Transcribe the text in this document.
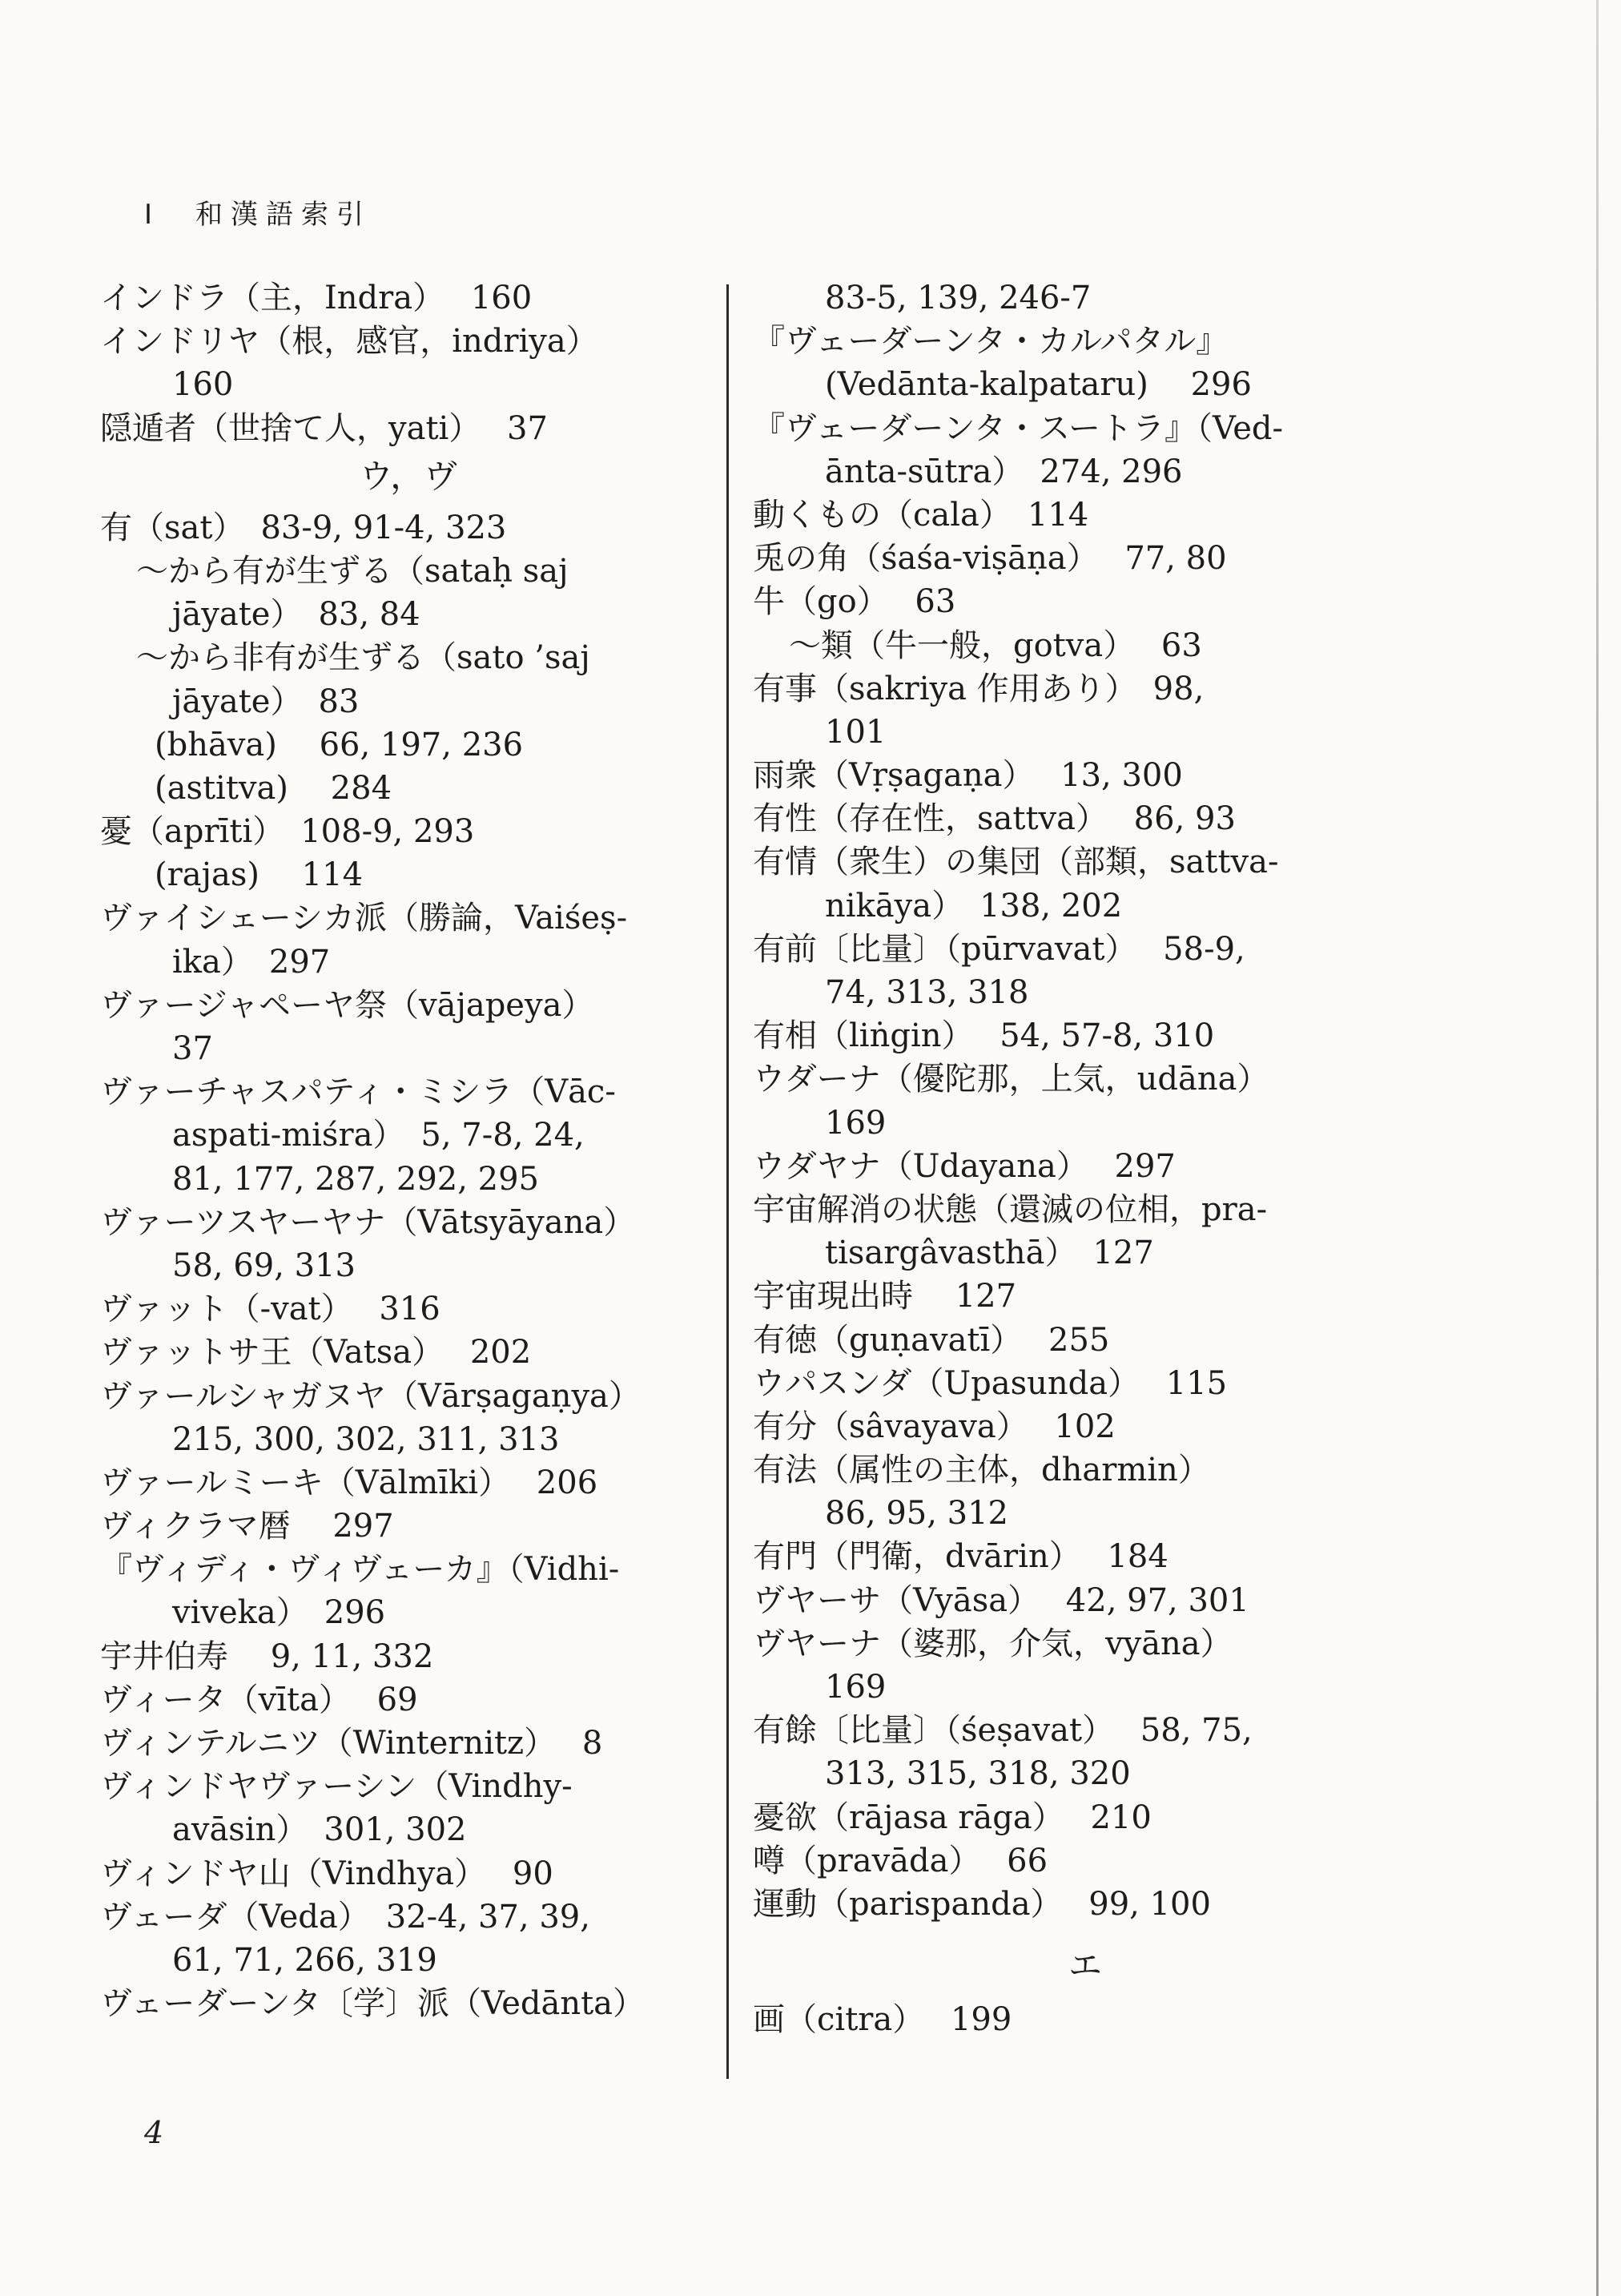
I　和漢語索引
インドラ（主，Indra）　 160
インドリヤ（根，感官，indriya）
160
隠遁者（世捨て人，yati）　 37
ウ，ヴ
有（sat）　83-9, 91-4, 323
〜から有が生ずる（sataḥ saj
jāyate）　83, 84
〜から非有が生ずる（sato ’saj
jāyate）　83
(bhāva)　 66, 197, 236
(astitva)　 284
憂（aprīti）　108-9, 293
(rajas)　 114
ヴァイシェーシカ派（勝論，Vaiśeṣ-
ika）　297
ヴァージャペーヤ祭（vājapeya）
37
ヴァーチャスパティ・ミシラ（Vāc-
aspati-miśra）　5, 7-8, 24,
81, 177, 287, 292, 295
ヴァーツスヤーヤナ（Vātsyāyana）
58, 69, 313
ヴァット（-vat）　 316
ヴァットサ王（Vatsa）　 202
ヴァールシャガヌヤ（Vārṣagaṇya）
215, 300, 302, 311, 313
ヴァールミーキ（Vālmīki）　 206
ヴィクラマ暦　 297
『ヴィディ・ヴィヴェーカ』（Vidhi-
viveka）　296
宇井伯寿　 9, 11, 332
ヴィータ（vīta）　 69
ヴィンテルニツ（Winternitz）　 8
ヴィンドヤヴァーシン（Vindhy-
avāsin）　301, 302
ヴィンドヤ山（Vindhya）　 90
ヴェーダ（Veda）　32-4, 37, 39,
61, 71, 266, 319
ヴェーダーンタ〔学〕派（Vedānta）
83-5, 139, 246-7
『ヴェーダーンタ・カルパタル』
(Vedānta-kalpataru)　 296
『ヴェーダーンタ・スートラ』（Ved-
ānta-sūtra）　274, 296
動くもの（cala）　114
兎の角（śaśa-viṣāṇa）　 77, 80
牛（go）　 63
〜類（牛一般，gotva）　 63
有事（sakriya 作用あり）　98,
101
雨衆（Vṛṣagaṇa）　 13, 300
有性（存在性，sattva）　 86, 93
有情（衆生）の集団（部類，sattva-
nikāya）　138, 202
有前〔比量〕（pūrvavat）　 58-9,
74, 313, 318
有相（liṅgin）　 54, 57-8, 310
ウダーナ（優陀那，上気，udāna）
169
ウダヤナ（Udayana）　 297
宇宙解消の状態（還滅の位相，pra-
tisargâvasthā）　127
宇宙現出時　 127
有徳（guṇavatī）　 255
ウパスンダ（Upasunda）　 115
有分（sâvayava）　 102
有法（属性の主体，dharmin）
86, 95, 312
有門（門衛，dvārin）　 184
ヴヤーサ（Vyāsa）　 42, 97, 301
ヴヤーナ（婆那，介気，vyāna）
169
有餘〔比量〕（śeṣavat）　 58, 75,
313, 315, 318, 320
憂欲（rājasa rāga）　 210
噂（pravāda）　 66
運動（parispanda）　 99, 100
エ
画（citra）　 199
4
